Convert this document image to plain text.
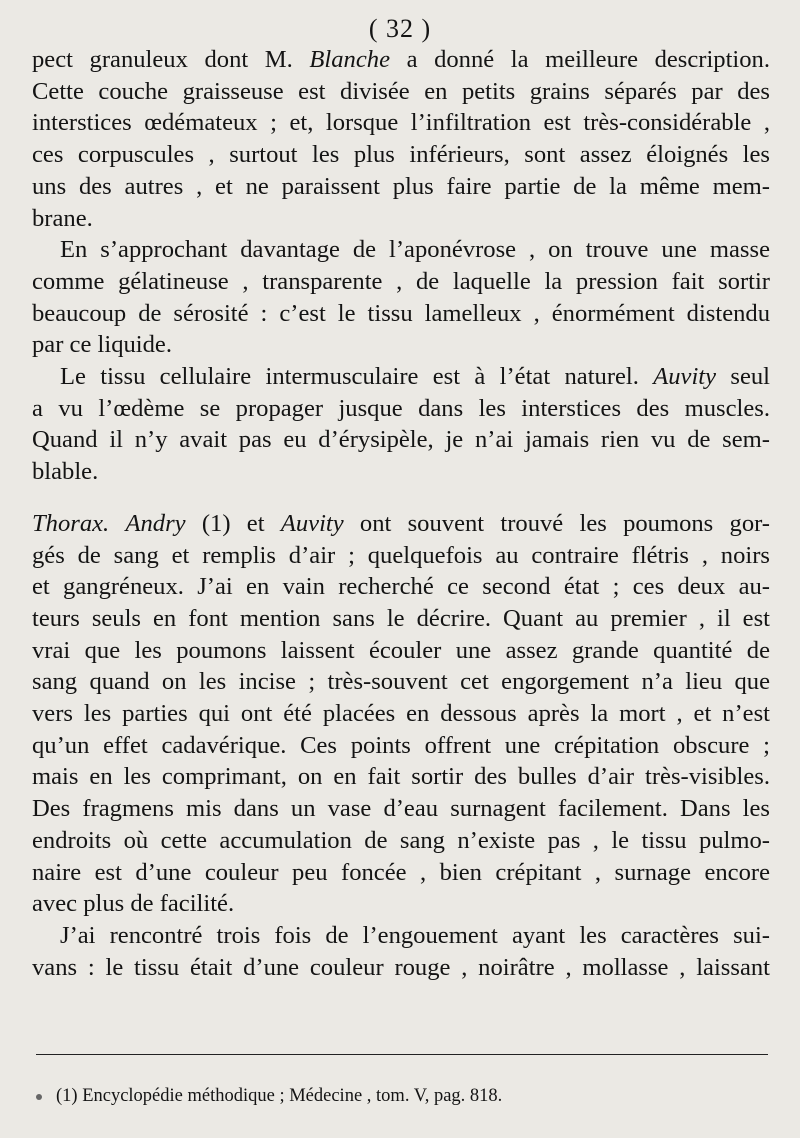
( 32 )

pect granuleux dont M. Blanche a donné la meilleure description.
Cette couche graisseuse est divisée en petits grains séparés par des
interstices œdémateux ; et, lorsque l’infiltration est très-considérable ,
ces corpuscules , surtout les plus inférieurs, sont assez éloignés les
uns des autres , et ne paraissent plus faire partie de la même mem-
brane.

En s’approchant davantage de l’aponévrose , on trouve une masse
comme gélatineuse , transparente , de laquelle la pression fait sortir
beaucoup de sérosité : c’est le tissu lamelleux , énormément distendu
par ce liquide.

Le tissu cellulaire intermusculaire est à l’état naturel. Auvity seul
a vu l’œdème se propager jusque dans les interstices des muscles.
Quand il n’y avait pas eu d’érysipèle, je n’ai jamais rien vu de sem-
blable.

Thorax. Andry (1) et Auvity ont souvent trouvé les poumons gor-
gés de sang et remplis d’air ; quelquefois au contraire flétris , noirs
et gangréneux. J’ai en vain recherché ce second état ; ces deux au-
teurs seuls en font mention sans le décrire. Quant au premier , il est
vrai que les poumons laissent écouler une assez grande quantité de
sang quand on les incise ; très-souvent cet engorgement n’a lieu que
vers les parties qui ont été placées en dessous après la mort , et n’est
qu’un effet cadavérique. Ces points offrent une crépitation obscure ;
mais en les comprimant, on en fait sortir des bulles d’air très-visibles.
Des fragmens mis dans un vase d’eau surnagent facilement. Dans les
endroits où cette accumulation de sang n’existe pas , le tissu pulmo-
naire est d’une couleur peu foncée , bien crépitant , surnage encore
avec plus de facilité.

J’ai rencontré trois fois de l’engouement ayant les caractères sui-
vans : le tissu était d’une couleur rouge , noirâtre , mollasse , laissant

(1) Encyclopédie méthodique ; Médecine , tom. V, pag. 818.
